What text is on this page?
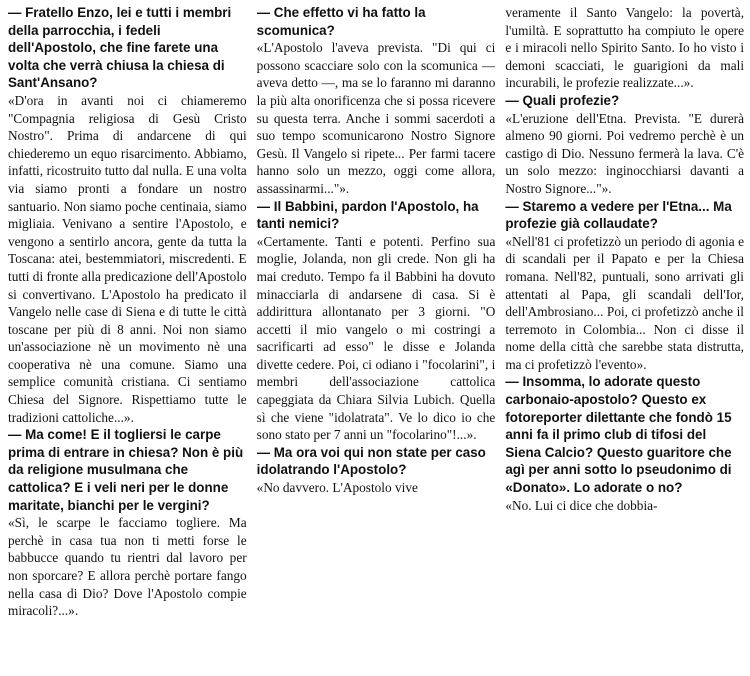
— Fratello Enzo, lei e tutti i membri della parrocchia, i fedeli dell'Apostolo, che fine farete una volta che verrà chiusa la chiesa di Sant'Ansano?

«D'ora in avanti noi ci chiameremo "Compagnia religiosa di Gesù Cristo Nostro". Prima di andarcene di qui chiederemo un equo risarcimento. Abbiamo, infatti, ricostruito tutto dal nulla. E una volta via siamo pronti a fondare un nostro santuario. Non siamo poche centinaia, siamo migliaia. Venivano a sentire l'Apostolo, e vengono a sentirlo ancora, gente da tutta la Toscana: atei, bestemmiatori, miscredenti. E tutti di fronte alla predicazione dell'Apostolo si convertivano. L'Apostolo ha predicato il Vangelo nelle case di Siena e di tutte le città toscane per più di 8 anni. Noi non siamo un'associazione nè un movimento nè una cooperativa nè una comune. Siamo una semplice comunità cristiana. Ci sentiamo Chiesa del Signore. Rispettiamo tutte le tradizioni cattoliche...».

— Ma come! E il togliersi le carpe prima di entrare in chiesa? Non è più da religione musulmana che cattolica? E i veli neri per le donne maritate, bianchi per le vergini?

«Sì, le scarpe le facciamo togliere. Ma perchè in casa tua non ti metti forse le babbucce quando tu rientri dal lavoro per non sporcare? E allora perchè portare fango nella casa di Dio? Dove l'Apostolo compie miracoli?...».

— Che effetto vi ha fatto la scomunica?

«L'Apostolo l'aveva prevista. "Di qui ci possono scacciare solo con la scomunica — aveva detto —, ma se lo faranno mi daranno la più alta onorificenza che si possa ricevere su questa terra. Anche i sommi sacerdoti a suo tempo scomunicarono Nostro Signore Gesù. Il Vangelo si ripete... Per farmi tacere hanno solo un mezzo, oggi come allora, assassinarmi..."».

— Il Babbini, pardon l'Apostolo, ha tanti nemici?

«Certamente. Tanti e potenti. Perfino sua moglie, Jolanda, non gli crede. Non gli ha mai creduto. Tempo fa il Babbini ha dovuto minacciarla di andarsene di casa. Si è addirittura allontanato per 3 giorni. "O accetti il mio vangelo o mi costringi a sacrificarti ad esso" le disse e Jolanda divette cedere. Poi, ci odiano i "focolarini", i membri dell'associazione cattolica capeggiata da Chiara Silvia Lubich. Quella sì che viene "idolatrata". Ve lo dico io che sono stato per 7 anni un "focolarino"!...».

— Ma ora voi qui non state per caso idolatrando l'Apostolo?

«No davvero. L'Apostolo vive

veramente il Santo Vangelo: la povertà, l'umiltà. E soprattutto ha compiuto le opere e i miracoli nello Spirito Santo. Io ho visto i demoni scacciati, le guarigioni da mali incurabili, le profezie realizzate...».

— Quali profezie?

«L'eruzione dell'Etna. Prevista. "E durerà almeno 90 giorni. Poi vedremo perchè è un castigo di Dio. Nessuno fermerà la lava. C'è un solo mezzo: inginocchiarsi davanti a Nostro Signore..."».

— Staremo a vedere per l'Etna... Ma profezie già collaudate?

«Nell'81 ci profetizzò un periodo di agonia e di scandali per il Papato e per la Chiesa romana. Nell'82, puntuali, sono arrivati gli attentati al Papa, gli scandali dell'Ior, dell'Ambrosiano... Poi, ci profetizzò anche il terremoto in Colombia... Non ci disse il nome della città che sarebbe stata distrutta, ma ci profetizzò l'evento».

— Insomma, lo adorate questo carbonaio-apostolo? Questo ex fotoreporter dilettante che fondò 15 anni fa il primo club di tifosi del Siena Calcio? Questo guaritore che agì per anni sotto lo pseudonimo di «Donato». Lo adorate o no?

«No. Lui ci dice che dobbia-
